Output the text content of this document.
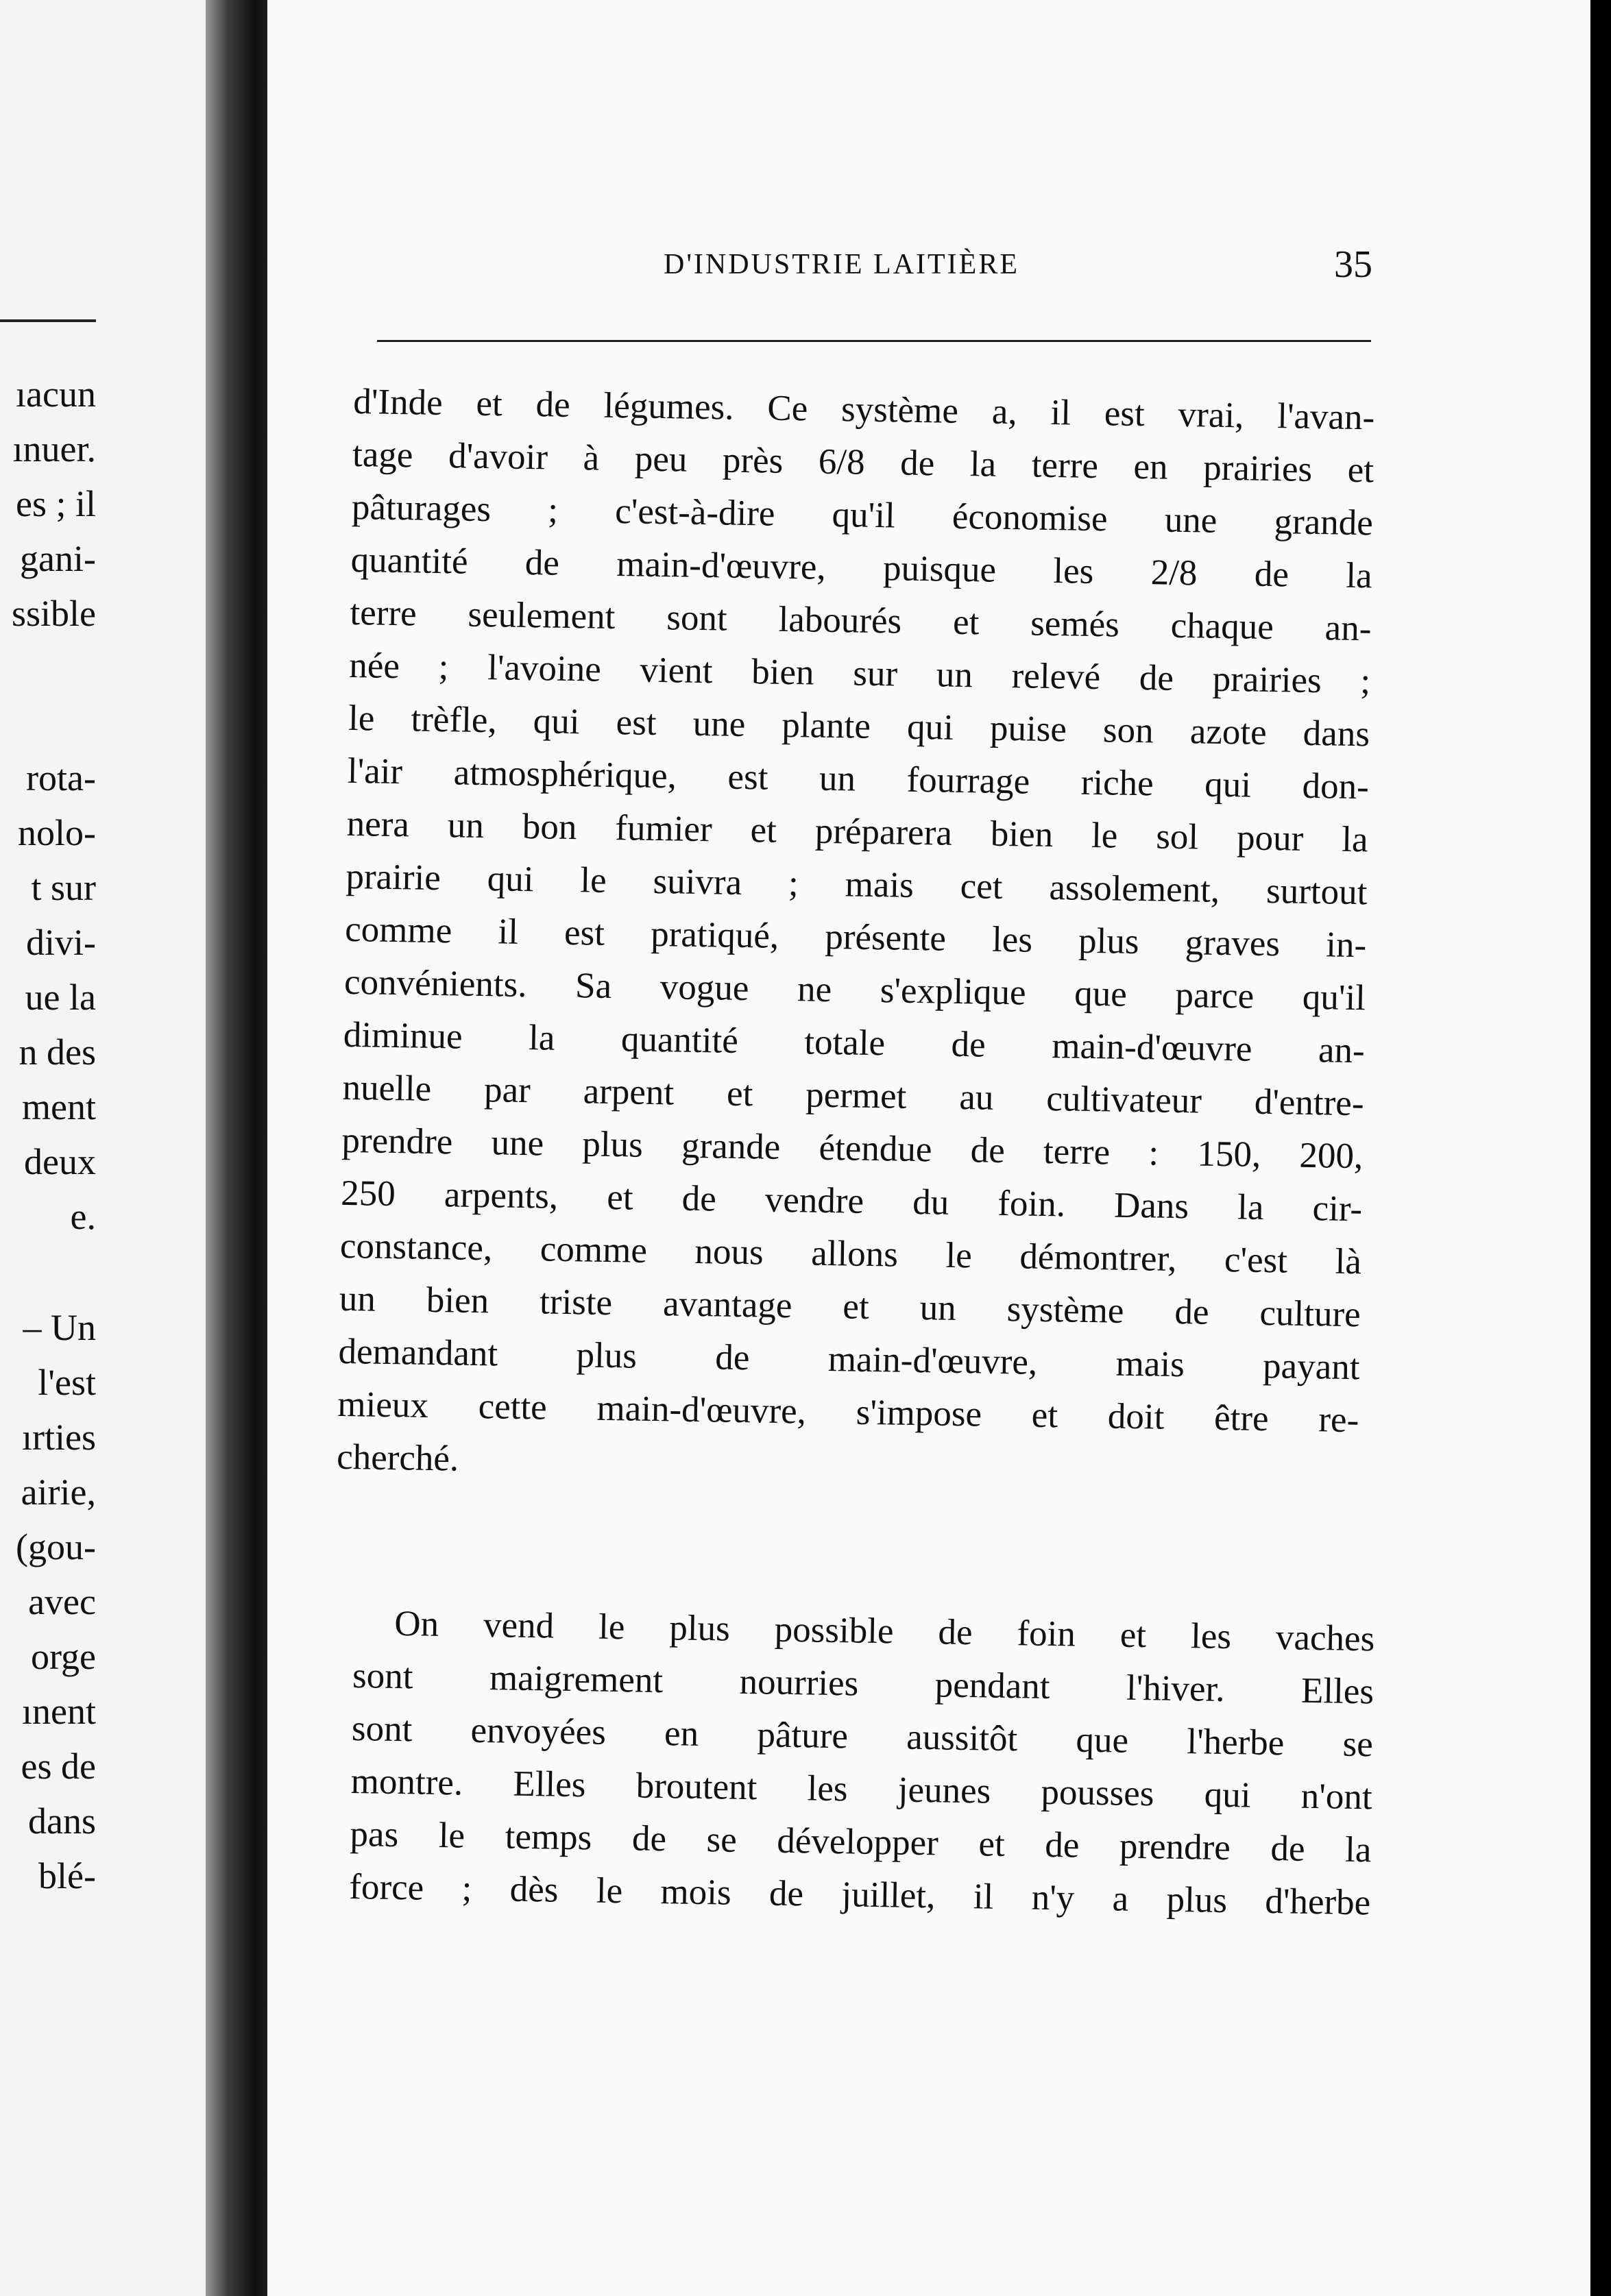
ıacun
ınuer.
es ; il
gani-
ssible
rota-
nolo-
t sur
divi-
ue la
n des
ment
deux
e.
– Un
l'est
ırties
airie,
(gou-
avec
orge
ınent
es de
dans
blé-
D'INDUSTRIE LAITIÈRE	35
d'Inde et de légumes. Ce système a, il est vrai, l'avan-
tage d'avoir à peu près 6/8 de la terre en prairies et
pâturages ; c'est-à-dire qu'il économise une grande
quantité de main-d'œuvre, puisque les 2/8 de la
terre seulement sont labourés et semés chaque an-
née ; l'avoine vient bien sur un relevé de prairies ;
le trèfle, qui est une plante qui puise son azote dans
l'air atmosphérique, est un fourrage riche qui don-
nera un bon fumier et préparera bien le sol pour la
prairie qui le suivra ; mais cet assolement, surtout
comme il est pratiqué, présente les plus graves in-
convénients. Sa vogue ne s'explique que parce qu'il
diminue la quantité totale de main-d'œuvre an-
nuelle par arpent et permet au cultivateur d'entre-
prendre une plus grande étendue de terre : 150, 200,
250 arpents, et de vendre du foin. Dans la cir-
constance, comme nous allons le démontrer, c'est là
un bien triste avantage et un système de culture
demandant plus de main-d'œuvre, mais payant
mieux cette main-d'œuvre, s'impose et doit être re-
cherché.
On vend le plus possible de foin et les vaches
sont maigrement nourries pendant l'hiver. Elles
sont envoyées en pâture aussitôt que l'herbe se
montre. Elles broutent les jeunes pousses qui n'ont
pas le temps de se développer et de prendre de la
force ; dès le mois de juillet, il n'y a plus d'herbe
